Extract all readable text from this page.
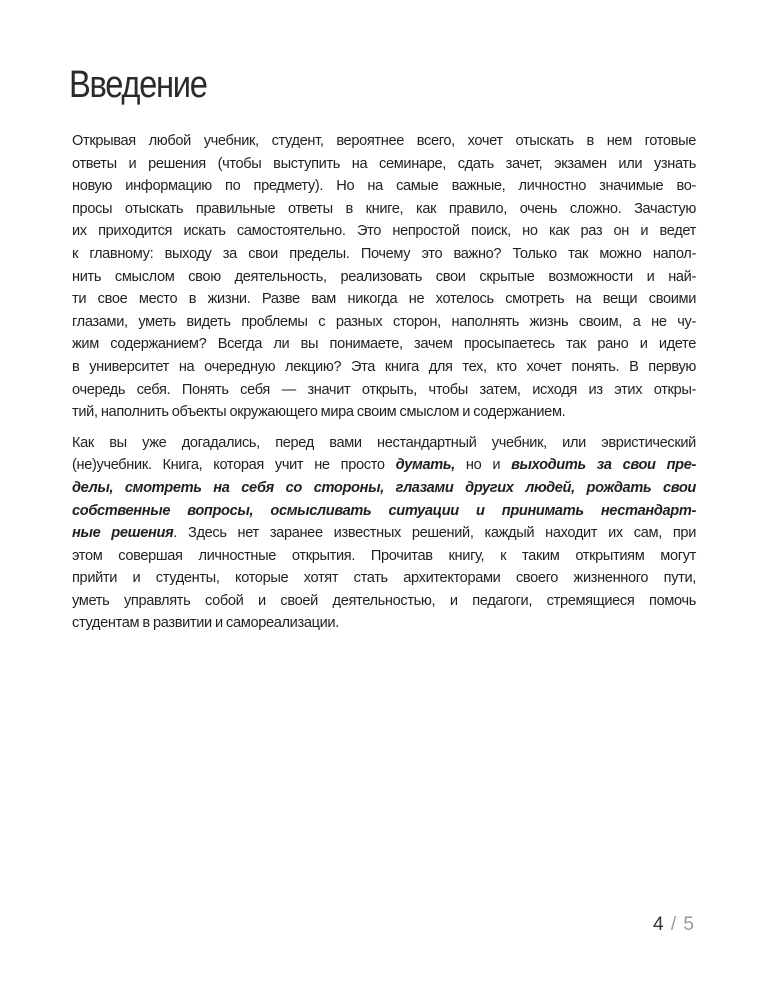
Введение
Открывая любой учебник, студент, вероятнее всего, хочет отыскать в нем готовые
ответы и решения (чтобы выступить на семинаре, сдать зачет, экзамен или узнать
новую информацию по предмету). Но на самые важные, личностно значимые во-
просы отыскать правильные ответы в книге, как правило, очень сложно. Зачастую
их приходится искать самостоятельно. Это непростой поиск, но как раз он и ведет
к главному: выходу за свои пределы. Почему это важно? Только так можно напол-
нить смыслом свою деятельность, реализовать свои скрытые возможности и най-
ти свое место в жизни. Разве вам никогда не хотелось смотреть на вещи своими
глазами, уметь видеть проблемы с разных сторон, наполнять жизнь своим, а не чу-
жим содержанием? Всегда ли вы понимаете, зачем просыпаетесь так рано и идете
в университет на очередную лекцию? Эта книга для тех, кто хочет понять. В первую
очередь себя. Понять себя — значит открыть, чтобы затем, исходя из этих откры-
тий, наполнить объекты окружающего мира своим смыслом и содержанием.
Как вы уже догадались, перед вами нестандартный учебник, или эвристический
(не)учебник. Книга, которая учит не просто думать, но и выходить за свои пре-
делы, смотреть на себя со стороны, глазами других людей, рождать свои
собственные вопросы, осмысливать ситуации и принимать нестандарт-
ные решения. Здесь нет заранее известных решений, каждый находит их сам, при
этом совершая личностные открытия. Прочитав книгу, к таким открытиям могут
прийти и студенты, которые хотят стать архитекторами своего жизненного пути,
уметь управлять собой и своей деятельностью, и педагоги, стремящиеся помочь
студентам в развитии и самореализации.
4 / 5
